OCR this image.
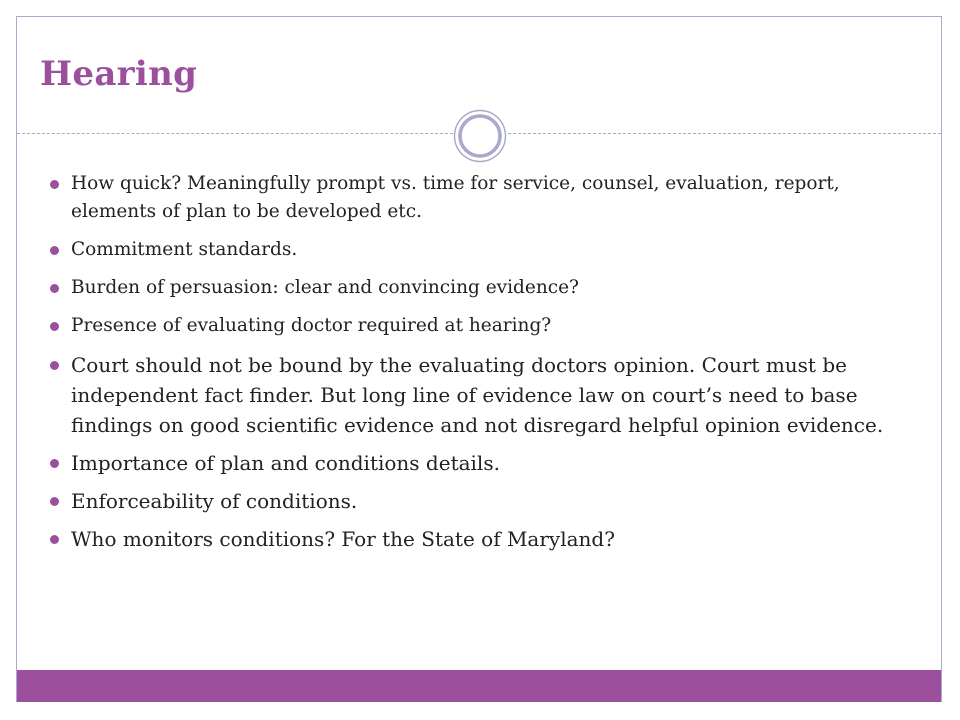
Hearing
How quick? Meaningfully prompt vs. time for service, counsel, evaluation, report, elements of plan to be developed etc.
Commitment standards.
Burden of persuasion: clear and convincing evidence?
Presence of evaluating doctor required at hearing?
Court should not be bound by the evaluating doctors opinion. Court must be independent fact finder. But long line of evidence law on court’s need to base findings on good scientific evidence and not disregard helpful opinion evidence.
Importance of plan and conditions details.
Enforceability of conditions.
Who monitors conditions? For the State of Maryland?
